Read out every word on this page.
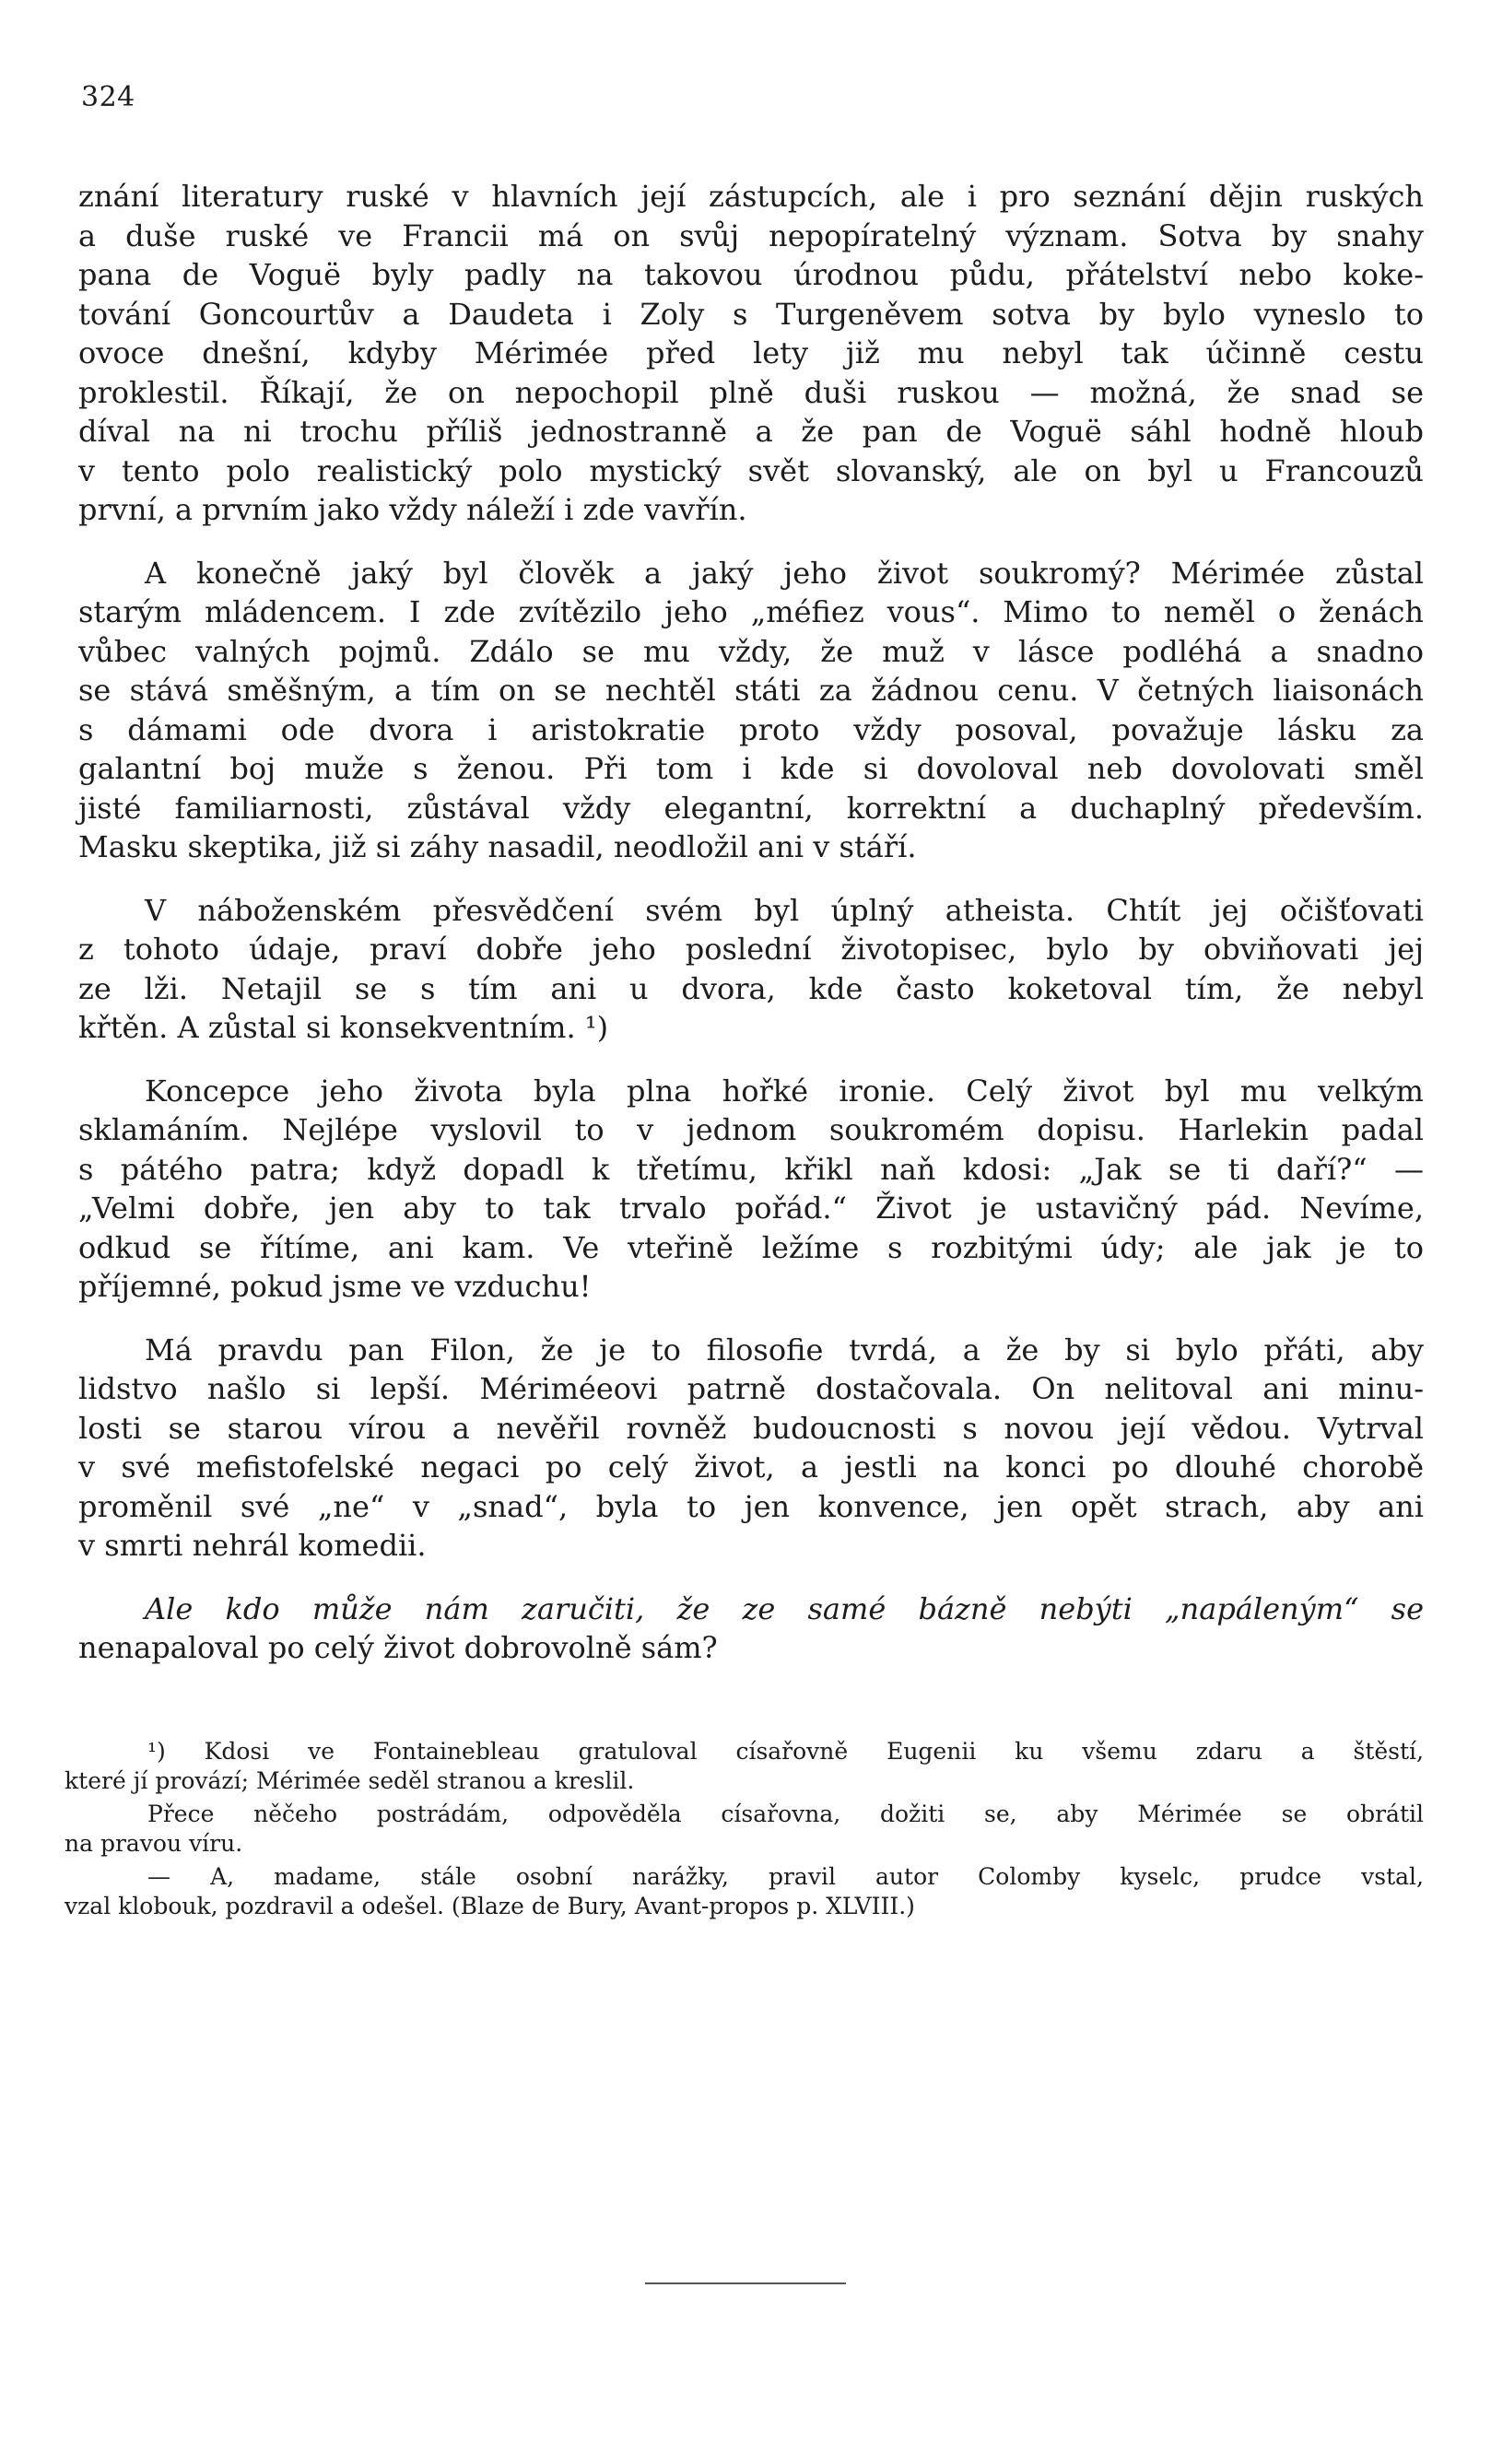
324

znání literatury ruské v hlavních její zástupcích, ale i pro seznání dějin ruských
a duše ruské ve Francii má on svůj nepopíratelný význam. Sotva by snahy
pana de Voguë byly padly na takovou úrodnou půdu, přátelství nebo koke-
tování Goncourtův a Daudeta i Zoly s Turgeněvem sotva by bylo vyneslo to
ovoce dnešní, kdyby Mérimée před lety již mu nebyl tak účinně cestu
proklestil. Říkají, že on nepochopil plně duši ruskou — možná, že snad se
díval na ni trochu příliš jednostranně a že pan de Voguë sáhl hodně hloub
v tento polo realistický polo mystický svět slovanský, ale on byl u Francouzů
první, a prvním jako vždy náleží i zde vavřín.

A konečně jaký byl člověk a jaký jeho život soukromý? Mérimée zůstal
starým mládencem. I zde zvítězilo jeho „méfiez vous“. Mimo to neměl o ženách
vůbec valných pojmů. Zdálo se mu vždy, že muž v lásce podléhá a snadno
se stává směšným, a tím on se nechtěl státi za žádnou cenu. V četných liaisonách
s dámami ode dvora i aristokratie proto vždy posoval, považuje lásku za
galantní boj muže s ženou. Při tom i kde si dovoloval neb dovolovati směl
jisté familiarnosti, zůstával vždy elegantní, korrektní a duchaplný především.
Masku skeptika, již si záhy nasadil, neodložil ani v stáří.

V náboženském přesvědčení svém byl úplný atheista. Chtít jej očišťovati
z tohoto údaje, praví dobře jeho poslední životopisec, bylo by obviňovati jej
ze lži. Netajil se s tím ani u dvora, kde často koketoval tím, že nebyl
křtěn. A zůstal si konsekventním. ¹)

Koncepce jeho života byla plna hořké ironie. Celý život byl mu velkým
sklamáním. Nejlépe vyslovil to v jednom soukromém dopisu. Harlekin padal
s pátého patra; když dopadl k třetímu, křikl naň kdosi: „Jak se ti daří?“ —
„Velmi dobře, jen aby to tak trvalo pořád.“ Život je ustavičný pád. Nevíme,
odkud se řítíme, ani kam. Ve vteřině ležíme s rozbitými údy; ale jak je to
příjemné, pokud jsme ve vzduchu!

Má pravdu pan Filon, že je to filosofie tvrdá, a že by si bylo přáti, aby
lidstvo našlo si lepší. Mériméeovi patrně dostačovala. On nelitoval ani minu-
losti se starou vírou a nevěřil rovněž budoucnosti s novou její vědou. Vytrval
v své mefistofelské negaci po celý život, a jestli na konci po dlouhé chorobě
proměnil své „ne“ v „snad“, byla to jen konvence, jen opět strach, aby ani
v smrti nehrál komedii.

Ale kdo může nám zaručiti, že ze samé bázně nebýti „napáleným“ se
nenapaloval po celý život dobrovolně sám?

¹) Kdosi ve Fontainebleau gratuloval císařovně Eugenii ku všemu zdaru a štěstí,
které jí provází; Mérimée seděl stranou a kreslil.

Přece něčeho postrádám, odpověděla císařovna, dožiti se, aby Mérimée se obrátil
na pravou víru.

— A, madame, stále osobní narážky, pravil autor Colomby kyselc, prudce vstal,
vzal klobouk, pozdravil a odešel. (Blaze de Bury, Avant-propos p. XLVIII.)
